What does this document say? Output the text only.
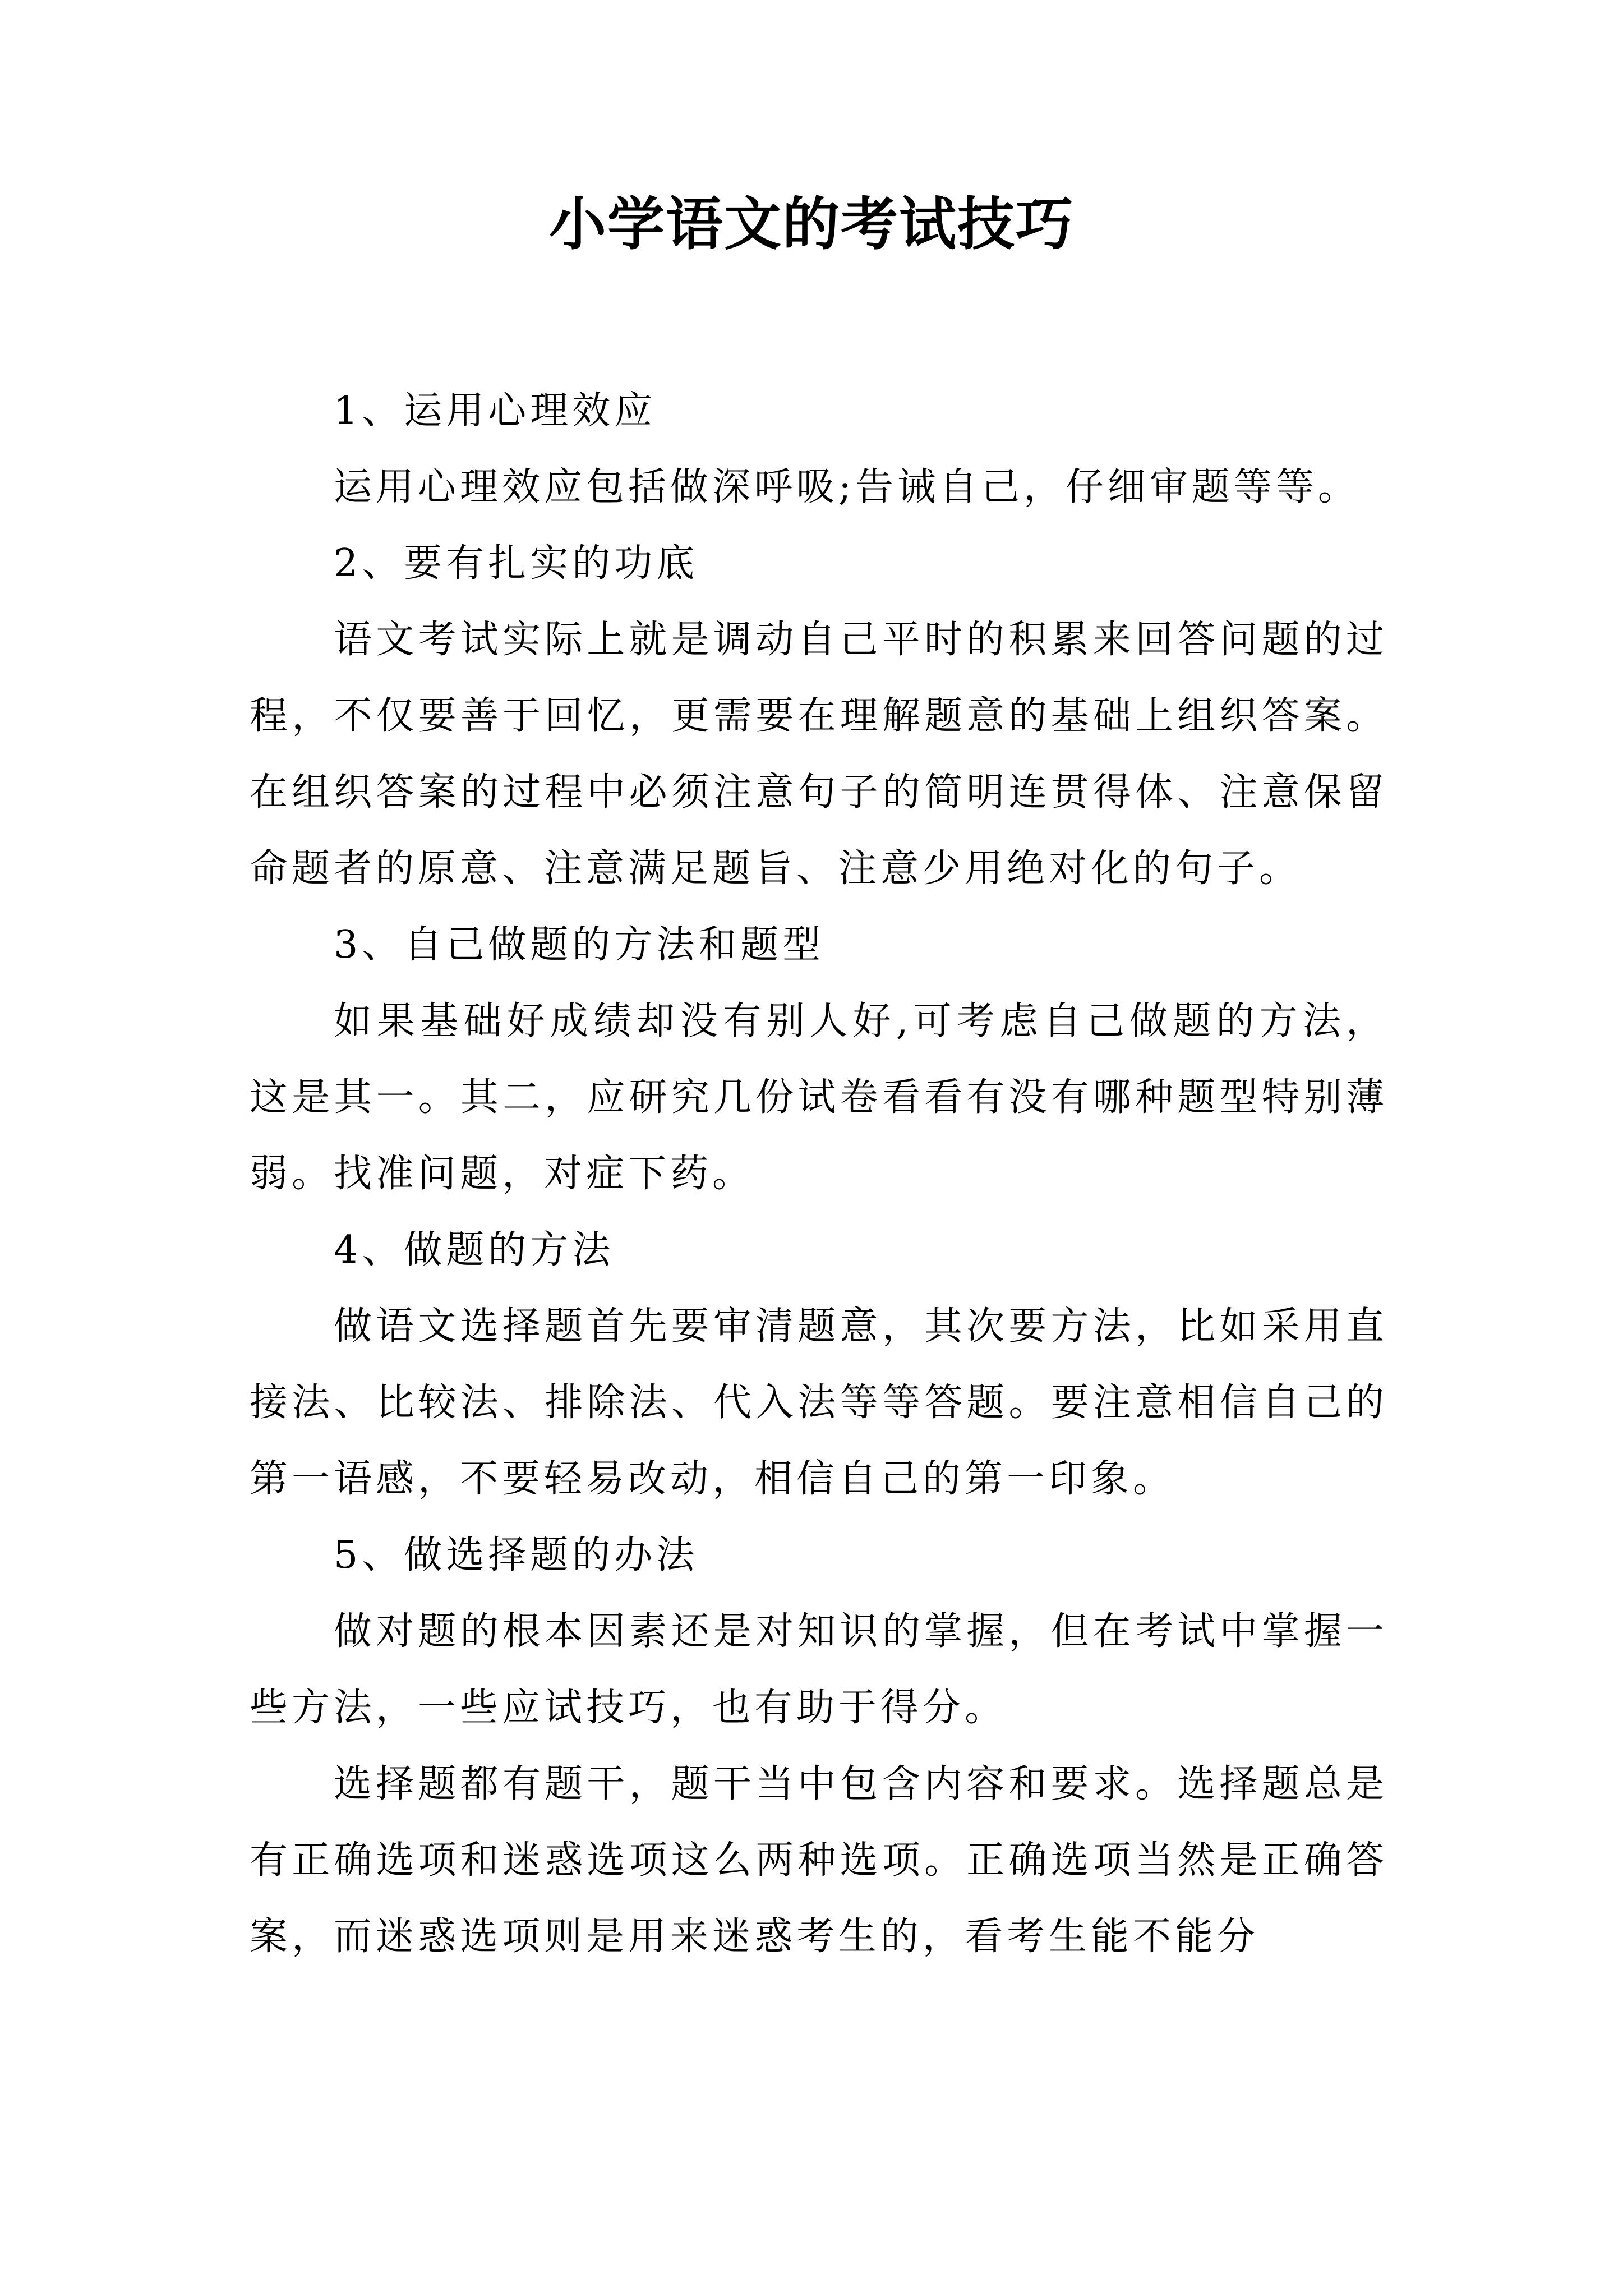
小学语文的考试技巧

1、运用心理效应

运用心理效应包括做深呼吸;告诫自己，仔细审题等等。

2、要有扎实的功底

语文考试实际上就是调动自己平时的积累来回答问题的过程，不仅要善于回忆，更需要在理解题意的基础上组织答案。在组织答案的过程中必须注意句子的简明连贯得体、注意保留命题者的原意、注意满足题旨、注意少用绝对化的句子。

3、自己做题的方法和题型

如果基础好成绩却没有别人好,可考虑自己做题的方法，这是其一。其二，应研究几份试卷看看有没有哪种题型特别薄弱。找准问题，对症下药。

4、做题的方法

做语文选择题首先要审清题意，其次要方法，比如采用直接法、比较法、排除法、代入法等等答题。要注意相信自己的第一语感，不要轻易改动，相信自己的第一印象。

5、做选择题的办法

做对题的根本因素还是对知识的掌握，但在考试中掌握一些方法，一些应试技巧，也有助于得分。

选择题都有题干，题干当中包含内容和要求。选择题总是有正确选项和迷惑选项这么两种选项。正确选项当然是正确答案，而迷惑选项则是用来迷惑考生的，看考生能不能分
